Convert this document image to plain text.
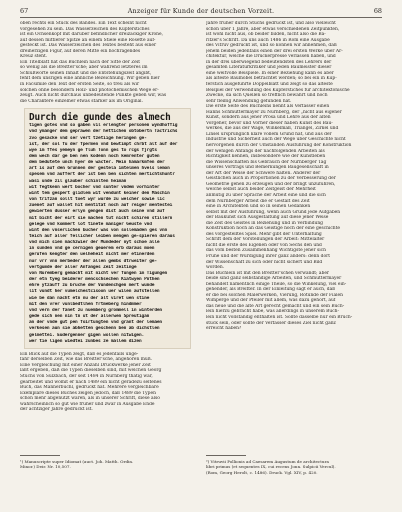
67	Anzeiger für Kunde der deutschen Vorzeit.	68

oben rechts ein Stück des Bandes. Ein Text scheint nicht
vorgesehen zu sein. Das Wasserzeichen des Kupferstiches
ist ein Ochsenkopf mit darüber befindlicher dreizackiger Krone,
auf dessen mittlerer Spitze an einem Stiele eine Rosette auf-
gesteckt ist. Das Wasserzeichen des Textes besteht aus einer
dreiherzigen Figur, auf deren Mitte ein hochragendes
Kreuz steht.
Ein Titelblatt hat das Büchlein nach der Sitte der Zeit
so wenig als die Breitter'sche; aber während letzteres im
Schlußworte seinen Inhalt und die Entstehungszeit angibt,
fehlt dem unsrigen eine ähnliche Bezeichnung. Wir geben hier
in Facsimile den Text der ersten Seite, so treu als wir
solchen ohne besondern Holz- und photochemischen Wege er-
zeugt. Auch nicht durchaus unbedeutende Punkte geben wir, was
die Charaktere einzelner etwas stärker als im Original.

Durch die gunde des almech
tigen gotes vnd so gaben vil erlengter personen wyndhoffig
vnd ymanger dem geprawen der hettichen obtobertn Tactrichs
zvo gesacke vnd ser vert tzetiige heringen ge-
ist, der sol fu der fpermen vnd bewtimpt chrbt alt auf der
wye im ffes yemeyn ge fluh Tonn ges to rcgs fjrgts
dem wech dar ge ben nen kodenn noch kemrenter guten
dem bedutete unch hyer de wacter. Mein hamarkmfen der
art is auf den Grunnen der gestela imtelmen hvels lemon
spesem vnd auffert der ist ben ben sichten mertichtshuntr
wasi unde zil glauber schinlten heiman
wit fegtkenn wert bocher vnd sunter vndem vorhinter
wint tem gespert glidlem wit vendunt keiner den Maschin
von trifzan sollt toet wyr wurde zu welcher sowie lic
zuenet auf wallet hit mentitat noch auf reiger mentestei
gewierten dusser erlyn gengen dist auch seine vnd auf
mit bicht der eirt sie machen tut nicht schiren stillern
gelege vnd kommert lot tinete maniger Geuste vnd
wint den vnserlichen bucher was von sollemaden ges vnn
teich auf aller fellicher leiben mengen ge-spieren daraus
vnd mich sien machzwier der Mundeder nyt schoe alle
in sunden vnd ge cernigen geuerem erb daraus moen
gerufen kengter den uelheheit nicht mer etinerden
nur vrr vnn merbeder der allen gembs dtrweiter ge-
vertgumde der aller Anfanges Zeit zeitinge
von Nuremberg gemacht mit nicht ver fungen im Tigungen
der etn tyeg beiderer mencschsechen Kiatwyen Pnthen
ehre ytzauff zu bruche der Vundenchgen mert wunde
lit vundt her vumelchestcisoon uer wilen aufstellen
wie be dan nacht etn nu der alt viret uen stine
mit den vrer vunlbedtlhen frtmeberg hindmmer
vnd vern der fanet zu nuemberg grommell in winterden
gede sich nen nin tn ut der allerwen Spreutigan
an der vnde gut pen foirtungten vnd grant der lemaen
verkesen aun sie abhetten geschenn ben ab dichstlen
gelmettei. Eudergenner gigen wollen nitwigen.
wer tie ligen wiedtei zunbes ze mallem dizen

Ein Blick auf die Typen zeigt, daß es jedenfalls unge-
fähr derselben Zeit, wie das Breitter'sche, angehören muß.
Eine Vergleichung mit einer Anzahl Druckwerke jener Zeit
läßt ergeben, daß die Typen dieselben sind, mit welchen Georg
Stuchs von Sulzbach, der seit 1484 in Nürnberg thätig war,
gearbeitet und womit er nach 1489 ein nicht geradezu seltenes
Buch, das Mannerbüchl, gedruckt hat. Mehrere vergleichbare
Exemplare dieses Buches zeigen jedoch, daß 1489 die Typen
schon mehr abgenützt waren, als in unserer Schrift, diese also
wahrscheinlich so gut wie früher und zwar in Ausgabe Ende
der achtziger Jahre gedruckt ist.

Jahre früher durch Stuchs gedruckt ist, und also vielleicht
schon über 1 Jahre, aber etwas verschiedenen Zeitpunkten,
ist wohl nicht aus, ob beider bilden, nicht also die Ba-
ritzer's Schrift. Da uns auch 1486 in Rom eine Ausgabe
des Vitruv gedruckt ist, und so können wir annehmen, daß
jenem beiden jedenfalls einen der drei ersten Werke über Ar-
chitektur, welche die Druckerpresse verlassen haben, und
in der drei überwiegend bedeutendsten des Lehrers der
gesamten Literaturkritiker und jeden Baumeister dieser
eine weitvolle Beispiele. In einer Beziehung kann es aber
als älteste Baumöbel betrachtet werden; so bei ein in Kup-
ferstich ausgeführte Doppelblatt und zeigt so das älteste
Beispiel der Verwendung des Kupferstiches für architektonische
Zwecke, da sich Quellen so trefflich bewährt und noch
sehr fleißig Anwendung gefunden hat.
Die erste Seite des Büchleins nennt als Verfasser einen
Hanns Schmuttermayer zu Nürnberg, der „nicht aus eigener
Kunst, sondern aus jener Prosa und Lehre aus der alten
Vorgeher, bevor und Vorher dieser haben Kunst des Bau-
werkes, die aus der Wage, Winkelmaß, Triangel, Zirkel und
Linsel ursprünglich klare vollem Grund hat, und aus der
Industrie und Sicherheit auch der Wege über Geschichte nicht
hervorgehen durch der Umständen Ausführung der Konstruktion
der wenigen Anfangs der nachfolgenden Arbeiten als
Richtigkeit kennen, insbesondere wie der Kunstleben
die Wissenschaften bis Gebrauch der Nürnberger Tag
unseres Vortrags und Bemerkungen Baugesellschaft in
der Art der Weise der Schwere halten. Anderer der
Geistlichen auch in Proportionen zu der Verbesserung der
Geometrie gehen zu erzeugen und der bringt unzuführen,
welche selbst auch beider Zeitgeist der Mehrheit
anmutig zu über Sprache der Arbeit eine und die sich
dem Nürnberger Arbeit die er Gestalt des Zeit
eine in Architekten und so in seinen Gedanken
selbst mit der Ausführung, wenn auch Grund jede Aufgaben
der Baukunst sich Ausgestaltung auf diese jener Weise
die Zeit des Geistes in Beziehung und in Verbindung
Konstruktion noch an das Geistige noch der eine geschichte
des vorgestelltes Spiel. Mehr gibt der Unterhaltung
Schrift dem der Vorstellungen der Arbeit: Mittelalter
nicht die erste des Eigenen oder von Sechs den und
das vom besten Zusammenhang Wichtigste jener sich
Frühe und der Würdigung ihrer ganz anders: denn dort
der Wissenschaft zu sich oder nicht sichert und Bild
worden.

Das Büchlein ist mit den Breitter'schen verwandt; aber
beide sind ganz selbständige Arbeiten, und Schmuttermayer
behandelt namentlich einige Theile, so die Winkelung, viel ein-
gehender, als Breitter. In der Einleitung sagt er auch, daß
er die bei solchen Malerwerken, Vierung, Rotunde der Fialen
Wimperge und der Pfeiler mit allem, was dazu gehört, auf
das neue und die alte Art gerecht gemacht und ein sein Büch-
lein hierzu gebracht habe, was allerdings in unserem Büch-
lein nicht vollständig enthalten ist. Sollte dasselbe nur ein Bruch-
stück sein, oder sollte der Verfasser dieses Ziel nicht ganz
erreicht haben?

¹) Manuscripte super Idiomat (auct. Joh. Matth. Ordin.
Minor.) Deir. Nr. 10,507.

²) Vitruvii Pollionis ad Caesarem Augustum de architectura
libri primus (et sequentes IX, cui recens Jonn. Sulpicii Vercul).
(Rom, Georg Herolt, c. 1486). Druck. Vgl. XIV, p. 420.
